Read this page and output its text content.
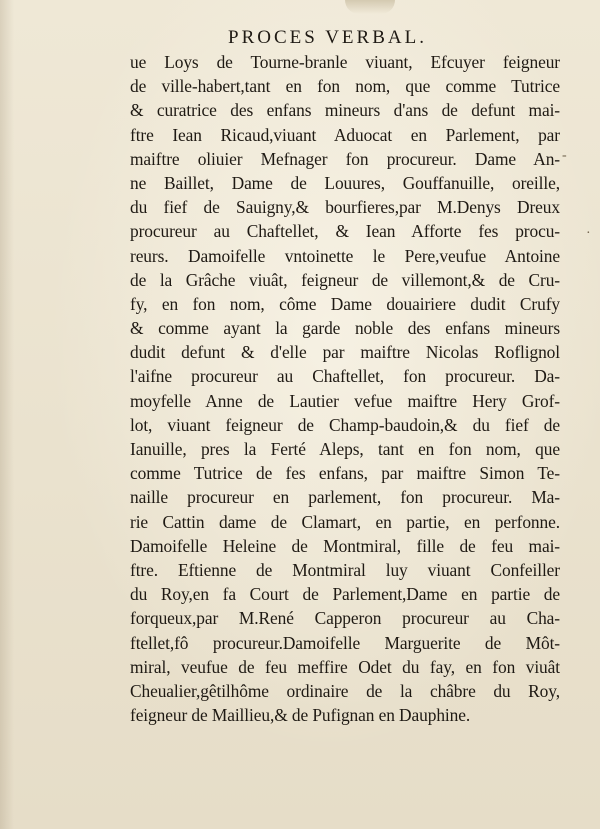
PROCES VERBAL.
ue Loys de Tourne-branle viuant, Efcuyer feigneur
de ville-habert,tant en fon nom, que comme Tutrice
& curatrice des enfans mineurs d'ans de defunt mai-
ftre Iean Ricaud,viuant Aduocat en Parlement, par
maiftre oliuier Mefnager fon procureur. Dame An-
ne Baillet, Dame de Louures, Gouffanuille, oreille,
du fief de Sauigny,& bourfieres,par M.Denys Dreux
procureur au Chaftellet, & Iean Afforte fes procu-
reurs. Damoifelle vntoinette le Pere,veufue Antoine
de la Grâche viuât, feigneur de villemont,& de Cru-
fy, en fon nom, côme Dame douairiere dudit Crufy
& comme ayant la garde noble des enfans mineurs
dudit defunt & d'elle par maiftre Nicolas Roflignol
l'aifne procureur au Chaftellet, fon procureur. Da-
moyfelle Anne de Lautier vefue maiftre Hery Grof-
lot, viuant feigneur de Champ-baudoin,& du fief de
Ianuille, pres la Ferté Aleps, tant en fon nom, que
comme Tutrice de fes enfans, par maiftre Simon Te-
naille procureur en parlement, fon procureur. Ma-
rie Cattin dame de Clamart, en partie, en perfonne.
Damoifelle Heleine de Montmiral, fille de feu mai-
ftre. Eftienne de Montmiral luy viuant Confeiller
du Roy,en fa Court de Parlement,Dame en partie de
forqueux,par M.René Capperon procureur au Cha-
ftellet,fô procureur.Damoifelle Marguerite de Môt-
miral, veufue de feu meffire Odet du fay, en fon viuât
Cheualier,gêtilhôme ordinaire de la châbre du Roy,
feigneur de Maillieu,& de Pufignan en Dauphine.
-
·
